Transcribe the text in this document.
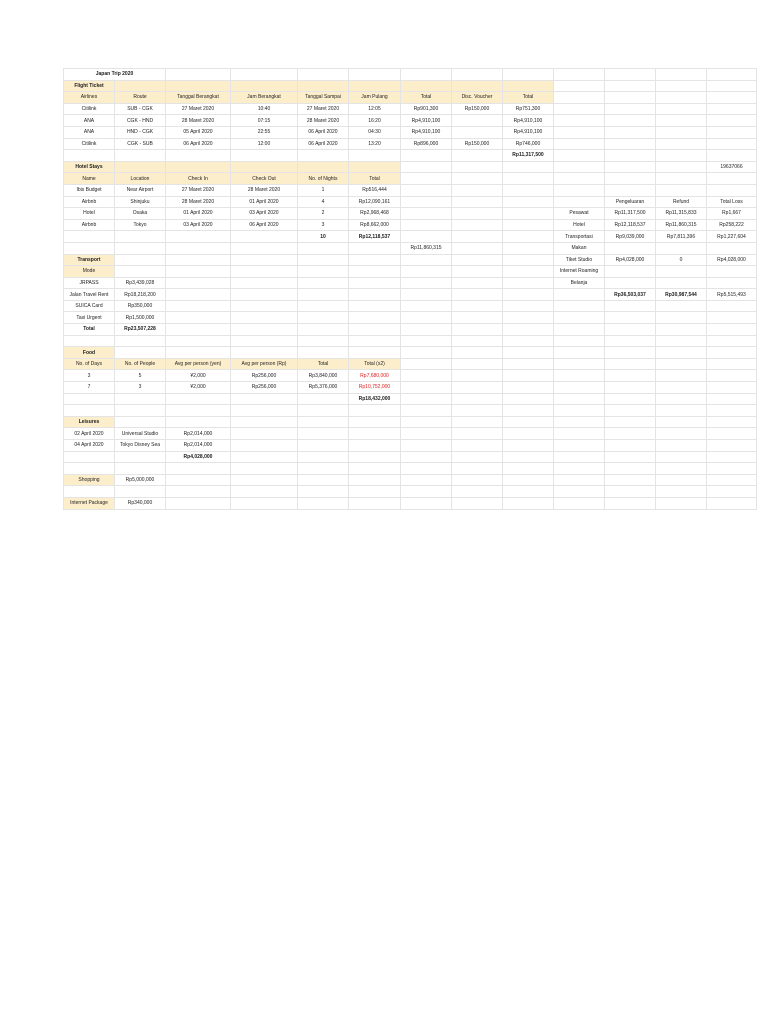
Japan Trip 2020												
Flight Ticket												
Airlines	Route	Tanggal Berangkat	Jam Berangkat	Tanggal Sampai	Jam Pulang	Total	Disc. Voucher	Total				
Citilink	SUB - CGK	27 Maret 2020	10:40	27 Maret 2020	12:05	Rp901,300	Rp150,000	Rp751,300				
ANA	CGK - HND	28 Maret 2020	07:15	28 Maret 2020	16:20	Rp4,910,100		Rp4,910,100				
ANA	HND - CGK	05 April 2020	22:55	06 April 2020	04:30	Rp4,910,100		Rp4,910,100				
Citilink	CGK - SUB	06 April 2020	12:00	06 April 2020	13:20	Rp896,000	Rp150,000	Rp746,000				
								Rp11,317,500				
Hotel Stays												19637066
Name	Location	Check In	Check Out	No. of Nights	Total							
Ibis Budget	Near Airport	27 Maret 2020	28 Maret 2020	1	Rp516,444							
Airbnb	Shinjuku	28 Maret 2020	01 April 2020	4	Rp12,090,161					Pengeluaran	Refund	Total Loss
Hotel	Osaka	01 April 2020	03 April 2020	2	Rp2,968,468				Pesawat	Rp11,317,500	Rp11,315,833	Rp1,667
Airbnb	Tokyo	03 April 2020	06 April 2020	3	Rp8,662,000				Hotel	Rp12,118,537	Rp11,860,315	Rp258,222
				10	Rp12,118,537				Transportasi	Rp9,039,000	Rp7,811,396	Rp1,227,604
						Rp11,860,315			Makan			
Transport									Tiket Studio	Rp4,028,000	0	Rp4,028,000
Mode									Internet Roaming			
JRPASS	Rp3,439,028								Belanja			
Jalan Travel Rent	Rp18,218,200									Rp36,503,037	Rp30,987,544	Rp5,515,493
SUICA Card	Rp350,000											
Taxi Urgent	Rp1,500,000											
Total	Rp23,507,228											

Food												
No. of Days	No. of People	Avg per person (yen)	Avg per person (Rp)	Total	Total (x2)							
3	5	¥2,000	Rp256,000	Rp3,840,000	Rp7,680,000							
7	3	¥2,000	Rp256,000	Rp5,376,000	Rp10,752,000							
					Rp18,432,000							

Leisures												
02 April 2020	Universal Studio	Rp2,014,000										
04 April 2020	Tokyo Disney Sea	Rp2,014,000										
		Rp4,028,000										

Shopping	Rp5,000,000											

Internet Package	Rp340,000											
